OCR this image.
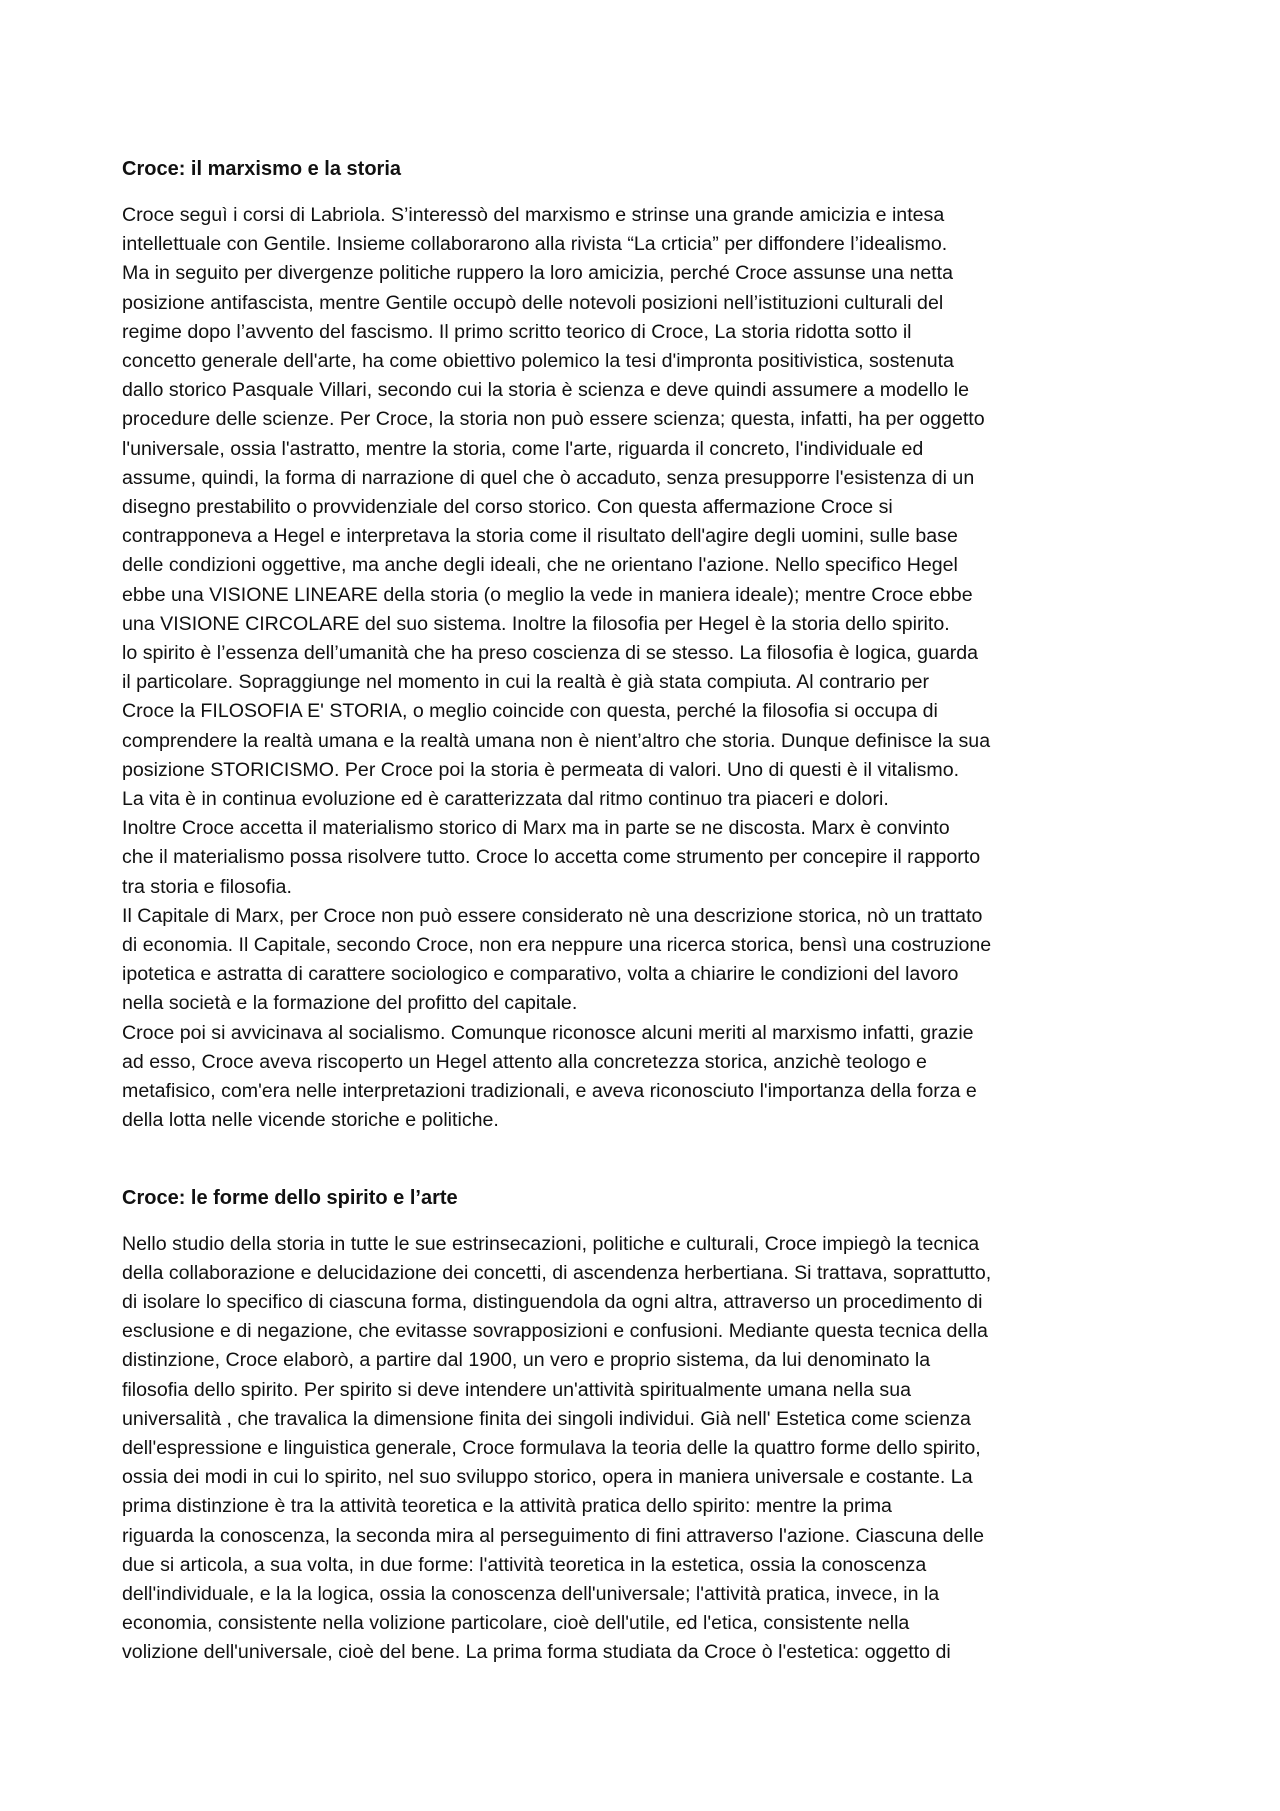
Croce: il marxismo e la storia

Croce seguì i corsi di Labriola. S’interessò del marxismo e strinse una grande amicizia e intesa
intellettuale con Gentile. Insieme collaborarono alla rivista “La crticia” per diffondere l’idealismo.
Ma in seguito per divergenze politiche ruppero la loro amicizia, perché Croce assunse una netta
posizione antifascista, mentre Gentile occupò delle notevoli posizioni nell’istituzioni culturali del
regime dopo l’avvento del fascismo. Il primo scritto teorico di Croce, La storia ridotta sotto il
concetto generale dell'arte, ha come obiettivo polemico la tesi d'impronta positivistica, sostenuta
dallo storico Pasquale Villari, secondo cui la storia è scienza e deve quindi assumere a modello le
procedure delle scienze. Per Croce, la storia non può essere scienza; questa, infatti, ha per oggetto
l'universale, ossia l'astratto, mentre la storia, come l'arte, riguarda il concreto, l'individuale ed
assume, quindi, la forma di narrazione di quel che ò accaduto, senza presupporre l'esistenza di un
disegno prestabilito o provvidenziale del corso storico. Con questa affermazione Croce si
contrapponeva a Hegel e interpretava la storia come il risultato dell'agire degli uomini, sulle base
delle condizioni oggettive, ma anche degli ideali, che ne orientano l'azione. Nello specifico Hegel
ebbe una VISIONE LINEARE della storia (o meglio la vede in maniera ideale); mentre Croce ebbe
una VISIONE CIRCOLARE del suo sistema. Inoltre la filosofia per Hegel è la storia dello spirito.
lo spirito è l’essenza dell’umanità che ha preso coscienza di se stesso. La filosofia è logica, guarda
il particolare. Sopraggiunge nel momento in cui la realtà è già stata compiuta. Al contrario per
Croce la FILOSOFIA E' STORIA, o meglio coincide con questa, perché la filosofia si occupa di
comprendere la realtà umana e la realtà umana non è nient’altro che storia. Dunque definisce la sua
posizione STORICISMO. Per Croce poi la storia è permeata di valori. Uno di questi è il vitalismo.
La vita è in continua evoluzione ed è caratterizzata dal ritmo continuo tra piaceri e dolori.
Inoltre Croce accetta il materialismo storico di Marx ma in parte se ne discosta. Marx è convinto
che il materialismo possa risolvere tutto. Croce lo accetta come strumento per concepire il rapporto
tra storia e filosofia.
Il Capitale di Marx, per Croce non può essere considerato nè una descrizione storica, nò un trattato
di economia. Il Capitale, secondo Croce, non era neppure una ricerca storica, bensì una costruzione
ipotetica e astratta di carattere sociologico e comparativo, volta a chiarire le condizioni del lavoro
nella società e la formazione del profitto del capitale.
Croce poi si avvicinava al socialismo. Comunque riconosce alcuni meriti al marxismo infatti, grazie
ad esso, Croce aveva riscoperto un Hegel attento alla concretezza storica, anzichè teologo e
metafisico, com'era nelle interpretazioni tradizionali, e aveva riconosciuto l'importanza della forza e
della lotta nelle vicende storiche e politiche.

Croce: le forme dello spirito e l’arte

Nello studio della storia in tutte le sue estrinsecazioni, politiche e culturali, Croce impiegò la tecnica
della collaborazione e delucidazione dei concetti, di ascendenza herbertiana. Si trattava, soprattutto,
di isolare lo specifico di ciascuna forma, distinguendola da ogni altra, attraverso un procedimento di
esclusione e di negazione, che evitasse sovrapposizioni e confusioni. Mediante questa tecnica della
distinzione, Croce elaborò, a partire dal 1900, un vero e proprio sistema, da lui denominato la
filosofia dello spirito. Per spirito si deve intendere un'attività spiritualmente umana nella sua
universalità , che travalica la dimensione finita dei singoli individui. Già nell' Estetica come scienza
dell'espressione e linguistica generale, Croce formulava la teoria delle la quattro forme dello spirito,
ossia dei modi in cui lo spirito, nel suo sviluppo storico, opera in maniera universale e costante. La
prima distinzione è tra la attività teoretica e la attività pratica dello spirito: mentre la prima
riguarda la conoscenza, la seconda mira al perseguimento di fini attraverso l'azione. Ciascuna delle
due si articola, a sua volta, in due forme: l'attività teoretica in la estetica, ossia la conoscenza
dell'individuale, e la la logica, ossia la conoscenza dell'universale; l'attività pratica, invece, in la
economia, consistente nella volizione particolare, cioè dell'utile, ed l'etica, consistente nella
volizione dell'universale, cioè del bene. La prima forma studiata da Croce ò l'estetica: oggetto di
